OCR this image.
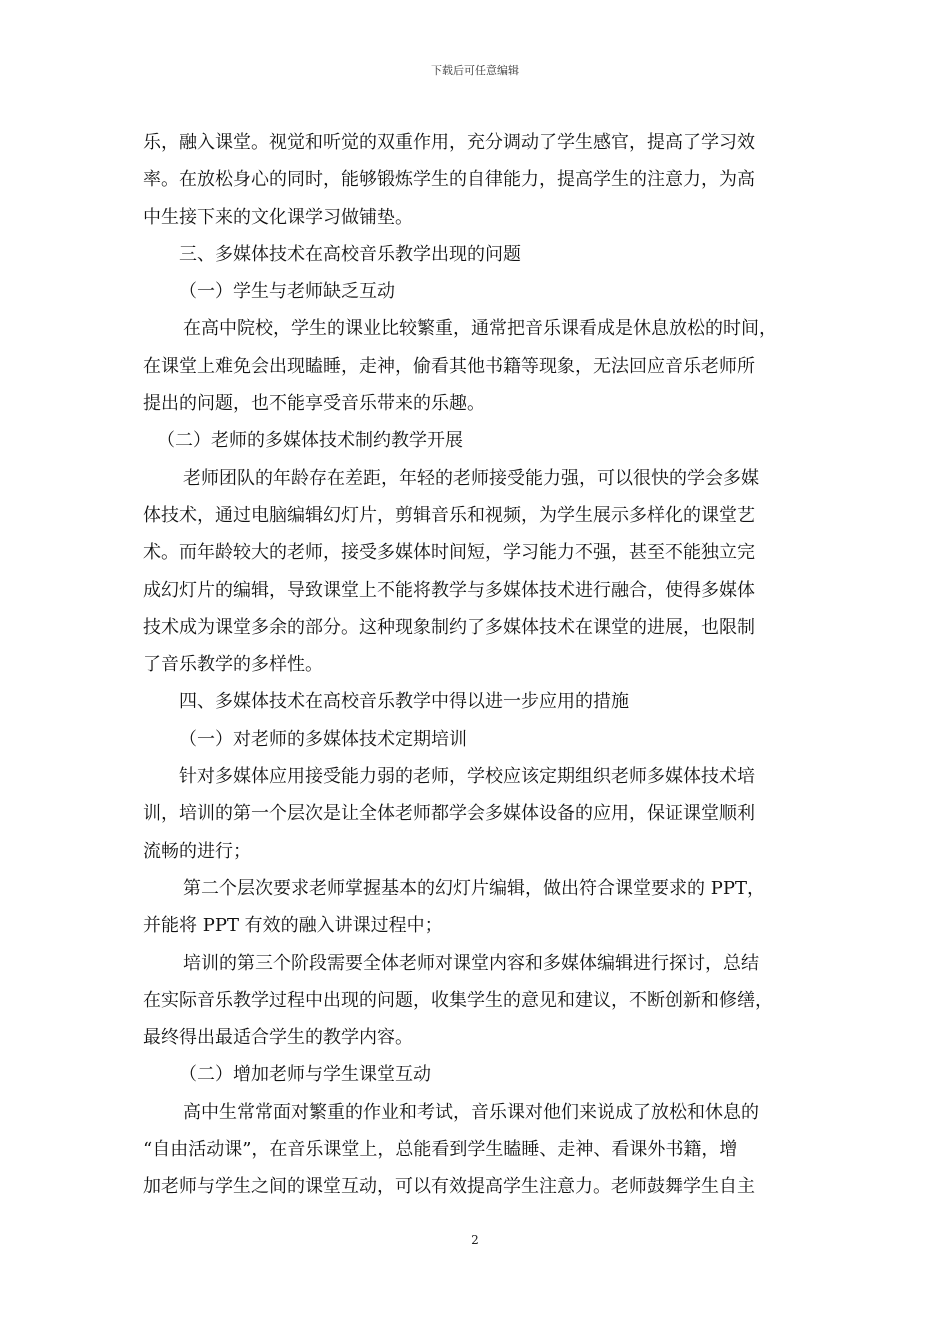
下载后可任意编辑
乐，融入课堂。视觉和听觉的双重作用，充分调动了学生感官，提高了学习效
率。在放松身心的同时，能够锻炼学生的自律能力，提高学生的注意力，为高
中生接下来的文化课学习做铺垫。
三、多媒体技术在高校音乐教学出现的问题
（一）学生与老师缺乏互动
在高中院校，学生的课业比较繁重，通常把音乐课看成是休息放松的时间，
在课堂上难免会出现瞌睡，走神，偷看其他书籍等现象，无法回应音乐老师所
提出的问题，也不能享受音乐带来的乐趣。
（二）老师的多媒体技术制约教学开展
老师团队的年龄存在差距，年轻的老师接受能力强，可以很快的学会多媒
体技术，通过电脑编辑幻灯片，剪辑音乐和视频，为学生展示多样化的课堂艺
术。而年龄较大的老师，接受多媒体时间短，学习能力不强，甚至不能独立完
成幻灯片的编辑，导致课堂上不能将教学与多媒体技术进行融合，使得多媒体
技术成为课堂多余的部分。这种现象制约了多媒体技术在课堂的进展，也限制
了音乐教学的多样性。
四、多媒体技术在高校音乐教学中得以进一步应用的措施
（一）对老师的多媒体技术定期培训
针对多媒体应用接受能力弱的老师，学校应该定期组织老师多媒体技术培
训，培训的第一个层次是让全体老师都学会多媒体设备的应用，保证课堂顺利
流畅的进行；
第二个层次要求老师掌握基本的幻灯片编辑，做出符合课堂要求的 PPT，
并能将 PPT 有效的融入讲课过程中；
培训的第三个阶段需要全体老师对课堂内容和多媒体编辑进行探讨，总结
在实际音乐教学过程中出现的问题，收集学生的意见和建议，不断创新和修缮，
最终得出最适合学生的教学内容。
（二）增加老师与学生课堂互动
高中生常常面对繁重的作业和考试，音乐课对他们来说成了放松和休息的
“自由活动课”，在音乐课堂上，总能看到学生瞌睡、走神、看课外书籍，增
加老师与学生之间的课堂互动，可以有效提高学生注意力。老师鼓舞学生自主
2
